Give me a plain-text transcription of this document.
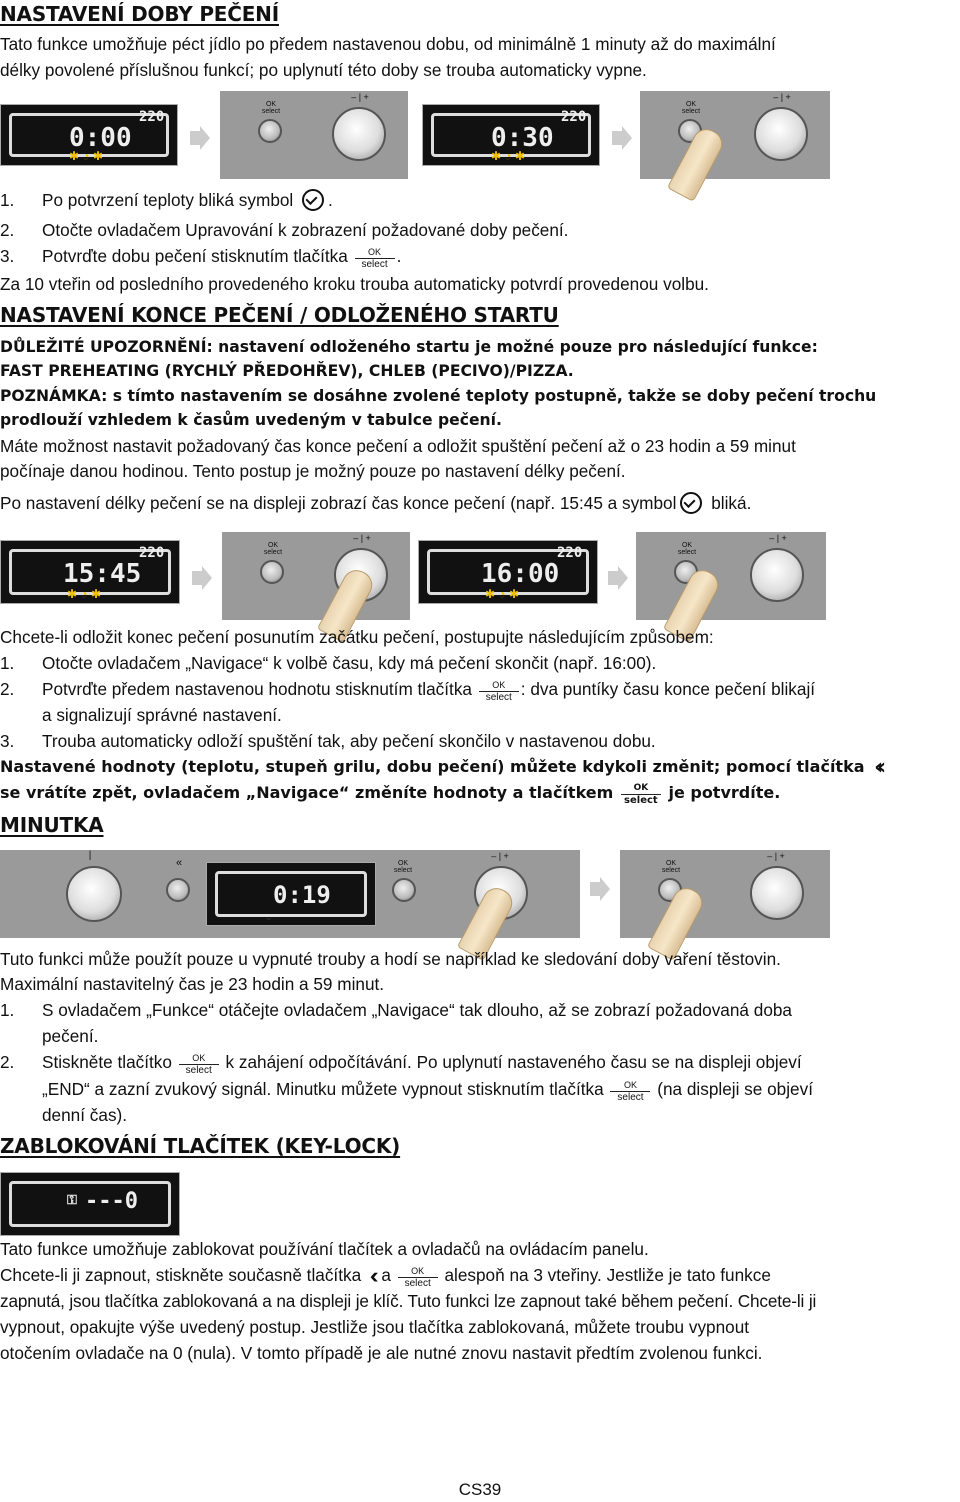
NASTAVENÍ DOBY PEČENÍ

Tato funkce umožňuje péct jídlo po předem nastavenou dobu, od minimálně 1 minuty až do maximální

délky povolené příslušnou funkcí; po uplynutí této doby se trouba automaticky vypne.

0:00
220
✱ ◔ ✱
OK
select
– | +
0:30
220
✱ ◔ ✱
OK
select
– | +
1. Po potvrzení teploty bliká symbol .
2. Otočte ovladačem Upravování k zobrazení požadované doby pečení.
3. Potvrďte dobu pečení stisknutím tlačítka	OK
select .

Za 10 vteřin od posledního provedeného kroku trouba automaticky potvrdí provedenou volbu.

NASTAVENÍ KONCE PEČENÍ / ODLOŽENÉHO STARTU

DŮLEŽITÉ UPOZORNĚNÍ: nastavení odloženého startu je možné pouze pro následující funkce:

FAST PREHEATING (RYCHLÝ PŘEDOHŘEV), CHLEB (PECIVO)/PIZZA.

POZNÁMKA: s tímto nastavením se dosáhne zvolené teploty postupně, takže se doby pečení trochu

prodlouží vzhledem k časům uvedeným v tabulce pečení.

Máte možnost nastavit požadovaný čas konce pečení a odložit spuštění pečení až o 23 hodin a 59 minut

počínaje danou hodinou. Tento postup je možný pouze po nastavení délky pečení.

Po nastavení délky pečení se na displeji zobrazí čas konce pečení (např. 15:45 a symbol bliká.

15:45
220
✱ ◔ ✱
OK
select
– | +
16:00
220
✱ ◔ ✱
OK
select
– | +

Chcete-li odložit konec pečení posunutím začátku pečení, postupujte následujícím způsobem:

1. Otočte ovladačem „Navigace“ k volbě času, kdy má pečení skončit (např. 16:00).
2. Potvrďte předem nastavenou hodnotu stisknutím tlačítka	OK
select : dva puntíky času konce pečení blikají
a signalizují správné nastavení.
3. Trouba automaticky odloží spuštění tak, aby pečení skončilo v nastavenou dobu.

Nastavené hodnoty (teplotu, stupeň grilu, dobu pečení) můžete kdykoli změnit; pomocí tlačítka ‹‹

se vrátíte zpět, ovladačem „Navigace“ změníte hodnoty a tlačítkem	OK
select je potvrdíte.

MINUTKA
|
«
0:19
◔
OK
select
– | +
OK
select
– | +

Tuto funkci může použít pouze u vypnuté trouby a hodí se například ke sledování doby vaření těstovin.

Maximální nastavitelný čas je 23 hodin a 59 minut.

1. S ovladačem „Funkce“ otáčejte ovladačem „Navigace“ tak dlouho, až se zobrazí požadovaná doba
pečení.
2. Stiskněte tlačítko	OK
select k zahájení odpočítávání. Po uplynutí nastaveného času se na displeji objeví
„END“ a zazní zvukový signál. Minutku můžete vypnout stisknutím tlačítka	OK
select (na displeji se objeví
denní čas).
ZABLOKOVÁNÍ TLAČÍTEK (KEY-LOCK)
⚿ ---0

Tato funkce umožňuje zablokovat používání tlačítek a ovladačů na ovládacím panelu.

Chcete-li ji zapnout, stiskněte současně tlačítka ‹‹ a	OK
select alespoň na 3 vteřiny. Jestliže je tato funkce

zapnutá, jsou tlačítka zablokovaná a na displeji je klíč. Tuto funkci lze zapnout také během pečení. Chcete-li ji

vypnout, opakujte výše uvedený postup. Jestliže jsou tlačítka zablokovaná, můžete troubu vypnout

otočením ovladače na 0 (nula). V tomto případě je ale nutné znovu nastavit předtím zvolenou funkci.

CS39
